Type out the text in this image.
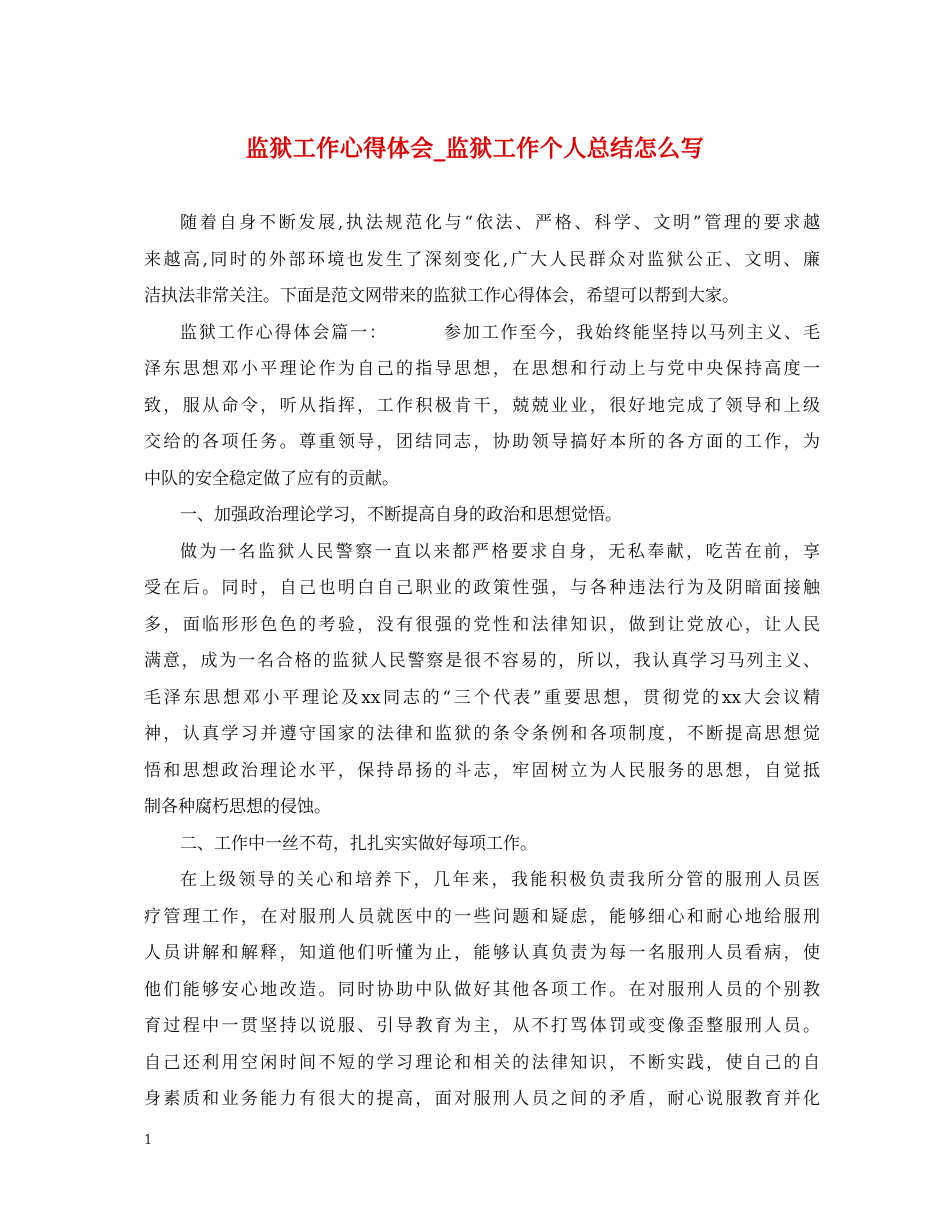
监狱工作心得体会_监狱工作个人总结怎么写
随着自身不断发展,执法规范化与“依法、严格、科学、文明”管理的要求越
来越高,同时的外部环境也发生了深刻变化,广大人民群众对监狱公正、文明、廉
洁执法非常关注。下面是范文网带来的监狱工作心得体会，希望可以帮到大家。
监狱工作心得体会篇一：	参加工作至今，我始终能坚持以马列主义、毛
泽东思想邓小平理论作为自己的指导思想，在思想和行动上与党中央保持高度一
致，服从命令，听从指挥，工作积极肯干，兢兢业业，很好地完成了领导和上级
交给的各项任务。尊重领导，团结同志，协助领导搞好本所的各方面的工作，为
中队的安全稳定做了应有的贡献。
一、加强政治理论学习，不断提高自身的政治和思想觉悟。
做为一名监狱人民警察一直以来都严格要求自身，无私奉献，吃苦在前，享
受在后。同时，自己也明白自己职业的政策性强，与各种违法行为及阴暗面接触
多，面临形形色色的考验，没有很强的党性和法律知识，做到让党放心，让人民
满意，成为一名合格的监狱人民警察是很不容易的，所以，我认真学习马列主义、
毛泽东思想邓小平理论及xx同志的“三个代表”重要思想，贯彻党的xx大会议精
神，认真学习并遵守国家的法律和监狱的条令条例和各项制度，不断提高思想觉
悟和思想政治理论水平，保持昂扬的斗志，牢固树立为人民服务的思想，自觉抵
制各种腐朽思想的侵蚀。
二、工作中一丝不苟，扎扎实实做好每项工作。
在上级领导的关心和培养下，几年来，我能积极负责我所分管的服刑人员医
疗管理工作，在对服刑人员就医中的一些问题和疑虑，能够细心和耐心地给服刑
人员讲解和解释，知道他们听懂为止，能够认真负责为每一名服刑人员看病，使
他们能够安心地改造。同时协助中队做好其他各项工作。在对服刑人员的个别教
育过程中一贯坚持以说服、引导教育为主，从不打骂体罚或变像歪整服刑人员。
自己还利用空闲时间不短的学习理论和相关的法律知识，不断实践，使自己的自
身素质和业务能力有很大的提高，面对服刑人员之间的矛盾，耐心说服教育并化
1
